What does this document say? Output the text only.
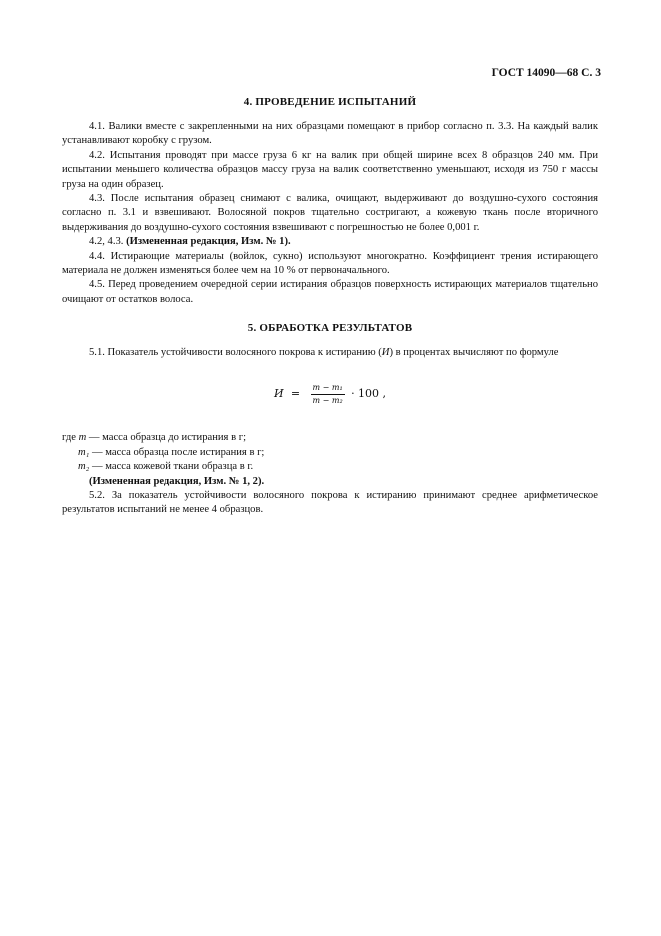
ГОСТ 14090—68 С. 3
4. ПРОВЕДЕНИЕ ИСПЫТАНИЙ

4.1. Валики вместе с закрепленными на них образцами помещают в прибор согласно п. 3.3. На каждый валик устанавливают коробку с грузом.

4.2. Испытания проводят при массе груза 6 кг на валик при общей ширине всех 8 образцов 240 мм. При испытании меньшего количества образцов массу груза на валик соответственно уменьшают, исходя из 750 г массы груза на один образец.

4.3. После испытания образец снимают с валика, очищают, выдерживают до воздушно-сухого состояния согласно п. 3.1 и взвешивают. Волосяной покров тщательно состригают, а кожевую ткань после вторичного выдерживания до воздушно-сухого состояния взвешивают с погрешностью не более 0,001 г.

4.2, 4.3. (Измененная редакция, Изм. № 1).

4.4. Истирающие материалы (войлок, сукно) используют многократно. Коэффициент трения истирающего материала не должен изменяться более чем на 10 % от первоначального.

4.5. Перед проведением очередной серии истирания образцов поверхность истирающих материалов тщательно очищают от остатков волоса.

5. ОБРАБОТКА РЕЗУЛЬТАТОВ

5.1. Показатель устойчивости волосяного покрова к истиранию (И) в процентах вычисляют по формуле

$И = \frac{\text{m − m₁}}{\text{m − m₂}} \cdot 100$ ,
где m — масса образца до истирания в г;
m₁ — масса образца после истирания в г;
m₂ — масса кожевой ткани образца в г.

(Измененная редакция, Изм. № 1, 2).

5.2. За показатель устойчивости волосяного покрова к истиранию принимают среднее арифметическое результатов испытаний не менее 4 образцов.
